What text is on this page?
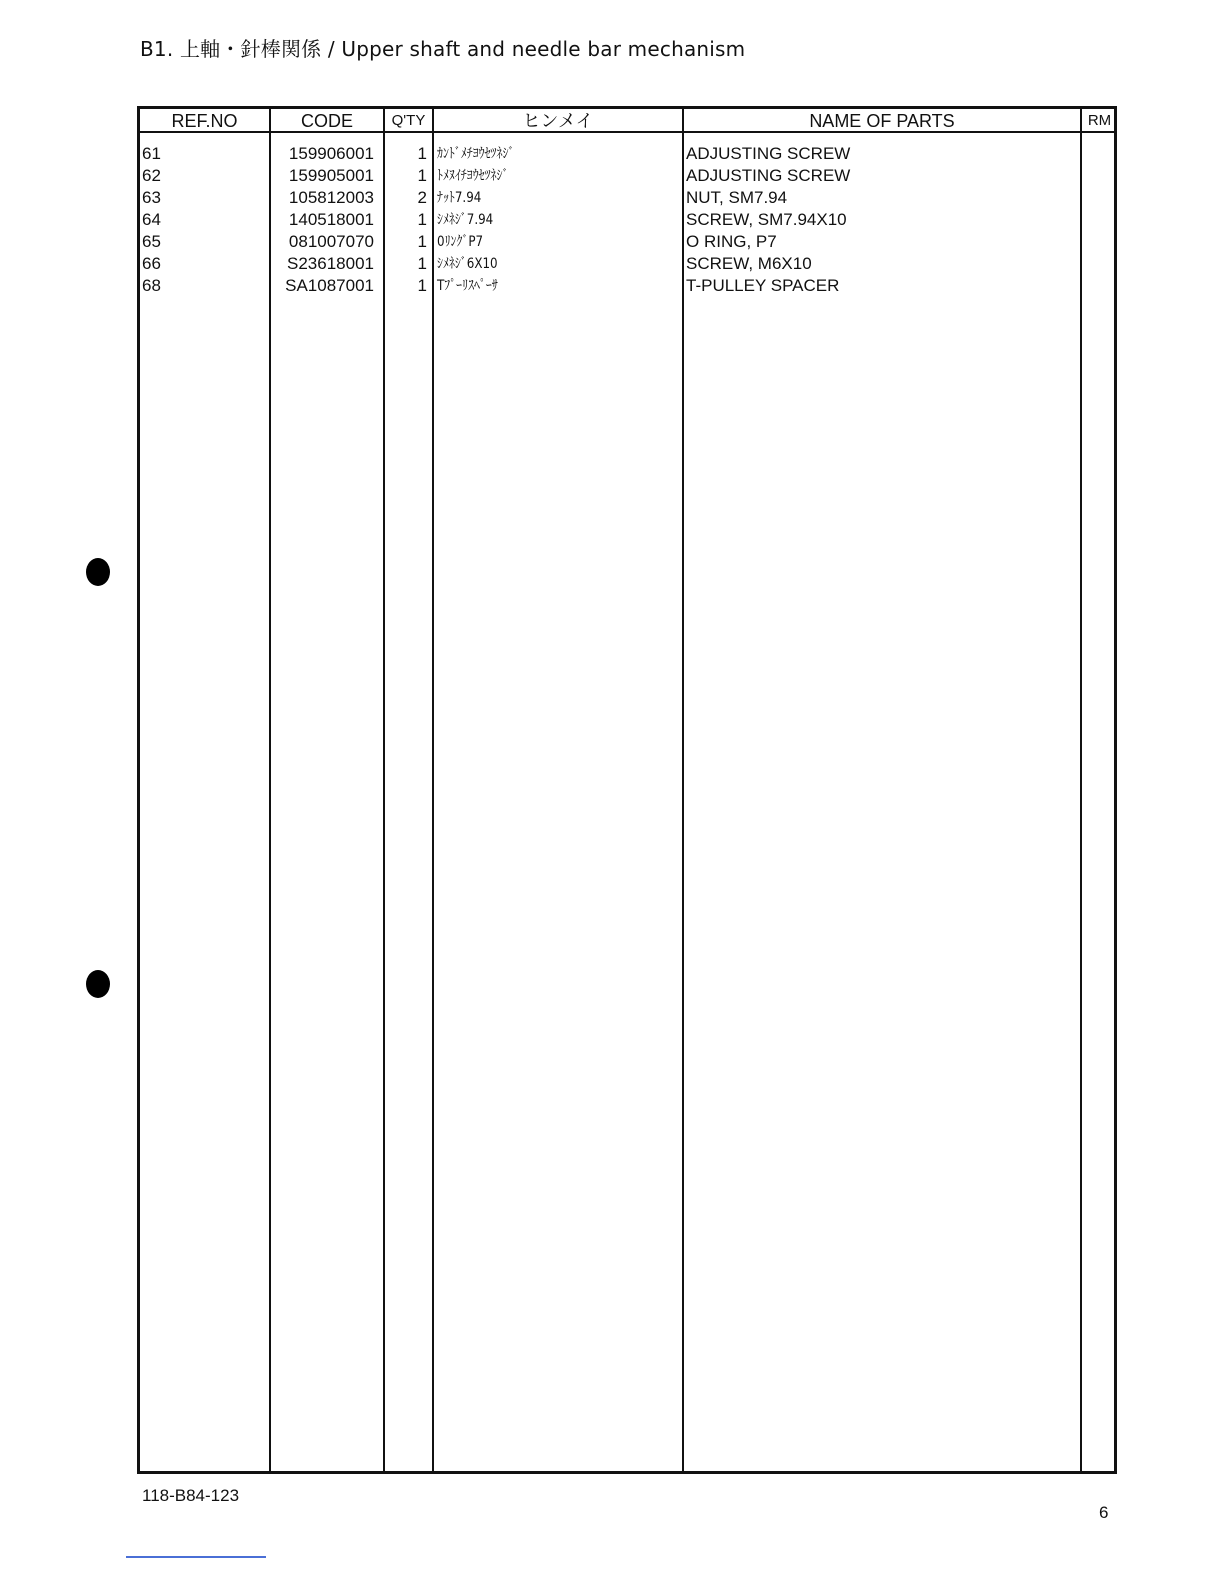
B1. 上軸・針棒関係 / Upper shaft and needle bar mechanism
REF.NO	CODE	Q'TY	ヒンメイ	NAME OF PARTS	RM
61	159906001	1 ｶﾝﾄﾞﾒﾁﾖｳｾﾂﾈｼﾞ	ADJUSTING SCREW
62	159905001	1 ﾄﾒﾇｲﾁﾖｳｾﾂﾈｼﾞ	ADJUSTING SCREW
63	105812003	2 ﾅｯﾄ7.94	NUT, SM7.94
64	140518001	1 ｼﾒﾈｼﾞ7.94	SCREW, SM7.94X10
65	081007070	1 0ﾘﾝｸﾞP7	O RING, P7
66	S23618001	1 ｼﾒﾈｼﾞ6X10	SCREW, M6X10
68	SA1087001	1 Tﾌﾟｰﾘｽﾍﾟｰｻ	T-PULLEY SPACER
118-B84-123
6
